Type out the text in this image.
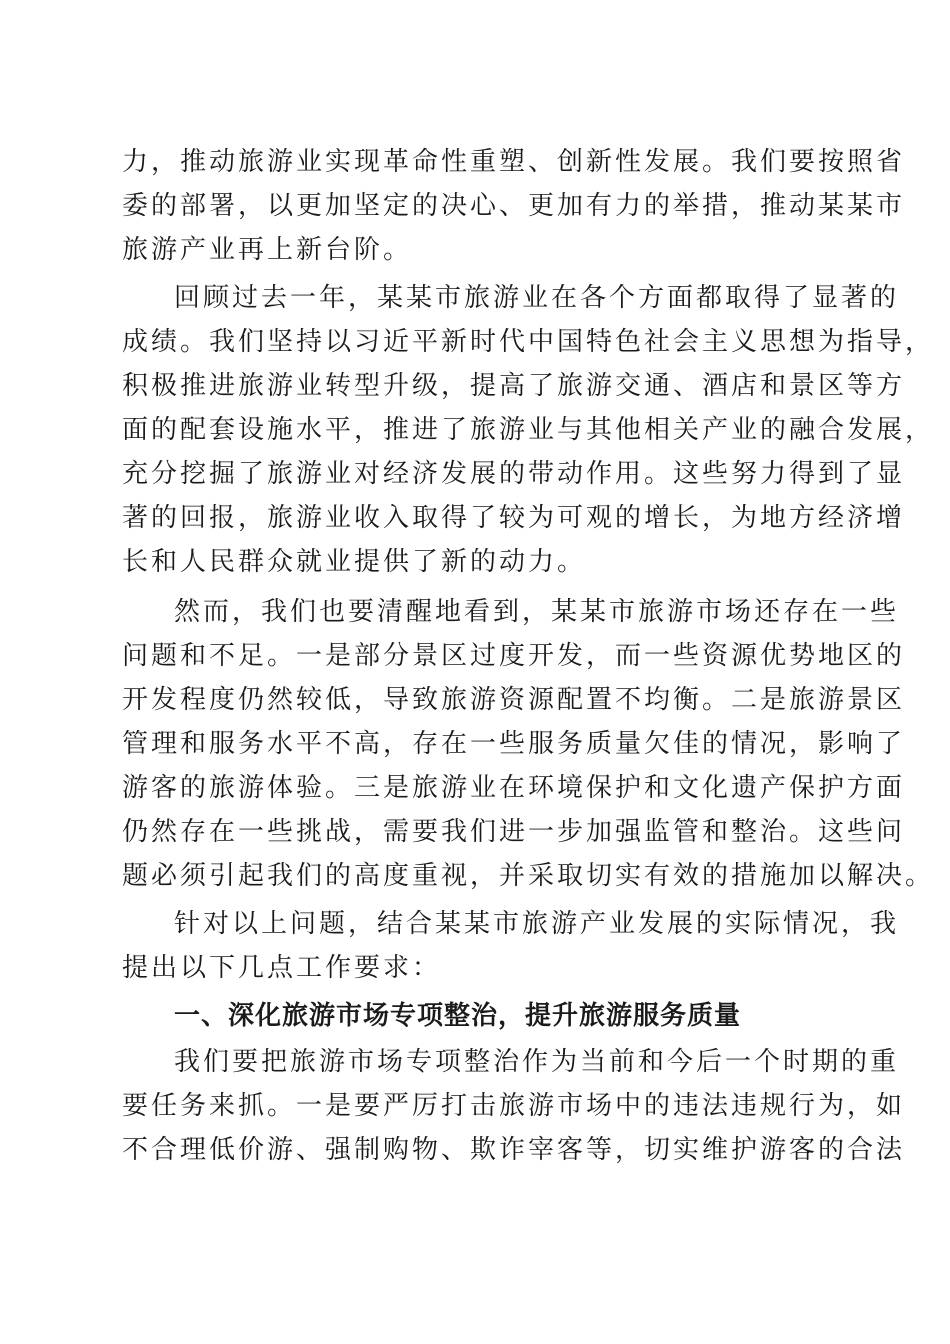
力，推动旅游业实现革命性重塑、创新性发展。我们要按照省
委的部署，以更加坚定的决心、更加有力的举措，推动某某市
旅游产业再上新台阶。
回顾过去一年，某某市旅游业在各个方面都取得了显著的
成绩。我们坚持以习近平新时代中国特色社会主义思想为指导，
积极推进旅游业转型升级，提高了旅游交通、酒店和景区等方
面的配套设施水平，推进了旅游业与其他相关产业的融合发展，
充分挖掘了旅游业对经济发展的带动作用。这些努力得到了显
著的回报，旅游业收入取得了较为可观的增长，为地方经济增
长和人民群众就业提供了新的动力。
然而，我们也要清醒地看到，某某市旅游市场还存在一些
问题和不足。一是部分景区过度开发，而一些资源优势地区的
开发程度仍然较低，导致旅游资源配置不均衡。二是旅游景区
管理和服务水平不高，存在一些服务质量欠佳的情况，影响了
游客的旅游体验。三是旅游业在环境保护和文化遗产保护方面
仍然存在一些挑战，需要我们进一步加强监管和整治。这些问
题必须引起我们的高度重视，并采取切实有效的措施加以解决。
针对以上问题，结合某某市旅游产业发展的实际情况，我
提出以下几点工作要求：
一、深化旅游市场专项整治，提升旅游服务质量
我们要把旅游市场专项整治作为当前和今后一个时期的重
要任务来抓。一是要严厉打击旅游市场中的违法违规行为，如
不合理低价游、强制购物、欺诈宰客等，切实维护游客的合法
